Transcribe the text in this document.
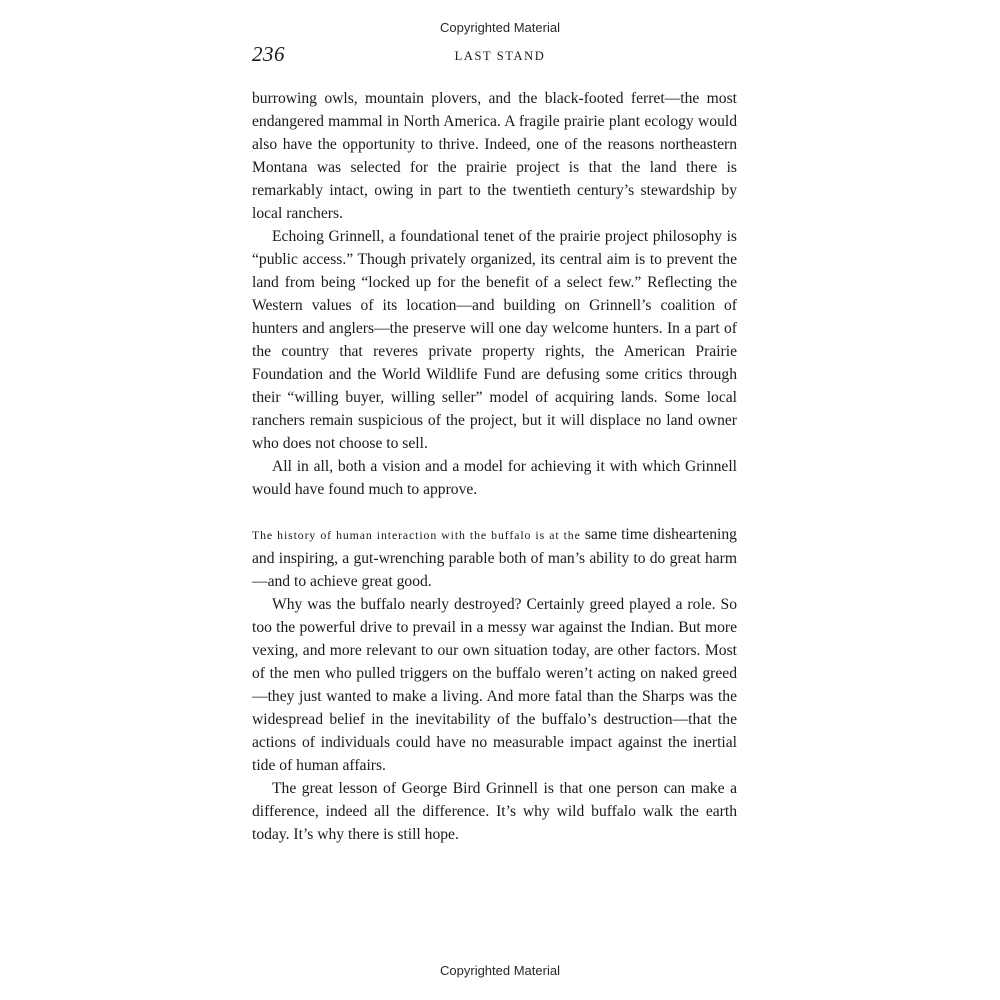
Copyrighted Material
236	LAST STAND

burrowing owls, mountain plovers, and the black-footed ferret—the most endangered mammal in North America. A fragile prairie plant ecology would also have the opportunity to thrive. Indeed, one of the reasons northeastern Montana was selected for the prairie project is that the land there is remarkably intact, owing in part to the twentieth century’s stewardship by local ranchers.

Echoing Grinnell, a foundational tenet of the prairie project philosophy is “public access.” Though privately organized, its central aim is to prevent the land from being “locked up for the benefit of a select few.” Reflecting the Western values of its location—and building on Grinnell’s coalition of hunters and anglers—the preserve will one day welcome hunters. In a part of the country that reveres private property rights, the American Prairie Foundation and the World Wildlife Fund are defusing some critics through their “willing buyer, willing seller” model of acquiring lands. Some local ranchers remain suspicious of the project, but it will displace no land owner who does not choose to sell.

All in all, both a vision and a model for achieving it with which Grinnell would have found much to approve.

The history of human interaction with the buffalo is at the same time disheartening and inspiring, a gut-wrenching parable both of man’s ability to do great harm—and to achieve great good.

Why was the buffalo nearly destroyed? Certainly greed played a role. So too the powerful drive to prevail in a messy war against the Indian. But more vexing, and more relevant to our own situation today, are other factors. Most of the men who pulled triggers on the buffalo weren’t acting on naked greed—they just wanted to make a living. And more fatal than the Sharps was the widespread belief in the inevitability of the buffalo’s destruction—that the actions of individuals could have no measurable impact against the inertial tide of human affairs.

The great lesson of George Bird Grinnell is that one person can make a difference, indeed all the difference. It’s why wild buffalo walk the earth today. It’s why there is still hope.

Copyrighted Material
